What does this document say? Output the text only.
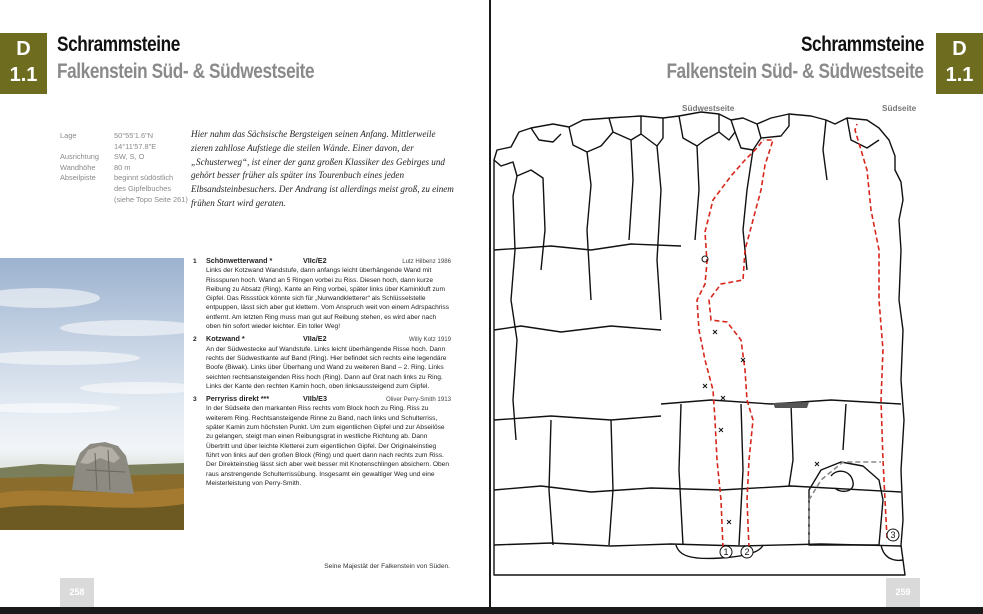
D
1.1
Schrammsteine
Falkenstein Süd- & Südwestseite
Lage	50°55'1.6"N
14°11'57.8"E
Ausrichtung	SW, S, O
Wandhöhe	80 m
Abseilpiste	beginnt südöstlich
des Gipfelbuches
(siehe Topo Seite 261)
Hier nahm das Sächsische Bergsteigen seinen Anfang. Mittlerweile zieren zahllose Aufstiege die steilen Wände. Einer davon, der „Schusterweg“, ist einer der ganz großen Klassiker des Gebirges und gehört besser früher als später ins Tourenbuch eines jeden Elbsandsteinbesuchers. Der Andrang ist allerdings meist groß, zu einem frühen Start wird geraten.
1	Schönwetterwand *	VIIc/E2	Lutz Hilbenz 1986
Links der Kotzwand Wandstufe, dann anfangs leicht überhängende Wand mit Rissspuren hoch. Wand an 5 Ringen vorbei zu Riss. Diesen hoch, dann kurze Reibung zu Absatz (Ring). Kante an Ring vorbei, später links über Kaminkluft zum Gipfel. Das Rissstück könnte sich für „Nurwandkletterer“ als Schlüsselstelle entpuppen, lässt sich aber gut klettern. Vom Anspruch weit von einem Adrspachriss entfernt. Am letzten Ring muss man gut auf Reibung stehen, es wird aber nach oben hin sofort wieder leichter. Ein toller Weg!
2	Kotzwand *	VIIa/E2	Willy Kotz 1919
An der Südwestecke auf Wandstufe. Links leicht überhängende Risse hoch. Dann rechts der Südwestkante auf Band (Ring). Hier befindet sich rechts eine legendäre Boofe (Biwak). Links über Überhang und Wand zu weiteren Band – 2. Ring. Links seichten rechtsansteigenden Riss hoch (Ring). Dann auf Grat nach links zu Ring. Links der Kante den rechten Kamin hoch, oben linksaussteigend zum Gipfel.
3	Perryriss direkt ***	VIIb/E3	Oliver Perry-Smith 1913
In der Südseite den markanten Riss rechts vom Block hoch zu Ring. Riss zu weiterem Ring. Rechtsansteigende Rinne zu Band, nach links und Schulterriss, später Kamin zum höchsten Punkt. Um zum eigentlichen Gipfel und zur Abseilöse zu gelangen, steigt man einen Reibungsgrat in westliche Richtung ab. Dann Übertritt und über leichte Kletterei zum eigentlichen Gipfel. Der Originaleinstieg führt von links auf den großen Block (Ring) und quert dann nach rechts zum Riss. Der Direkteinstieg lässt sich aber weit besser mit Knotenschlingen absichern. Oben raus anstrengende Schulterrissübung. Insgesamt ein gewaltiger Weg und eine Meisterleistung von Perry-Smith.
Seine Majestät der Falkenstein von Süden.
258
Schrammsteine
Falkenstein Süd- & Südwestseite
D
1.1
Südwestseite	Südseite
1 2
3
259
